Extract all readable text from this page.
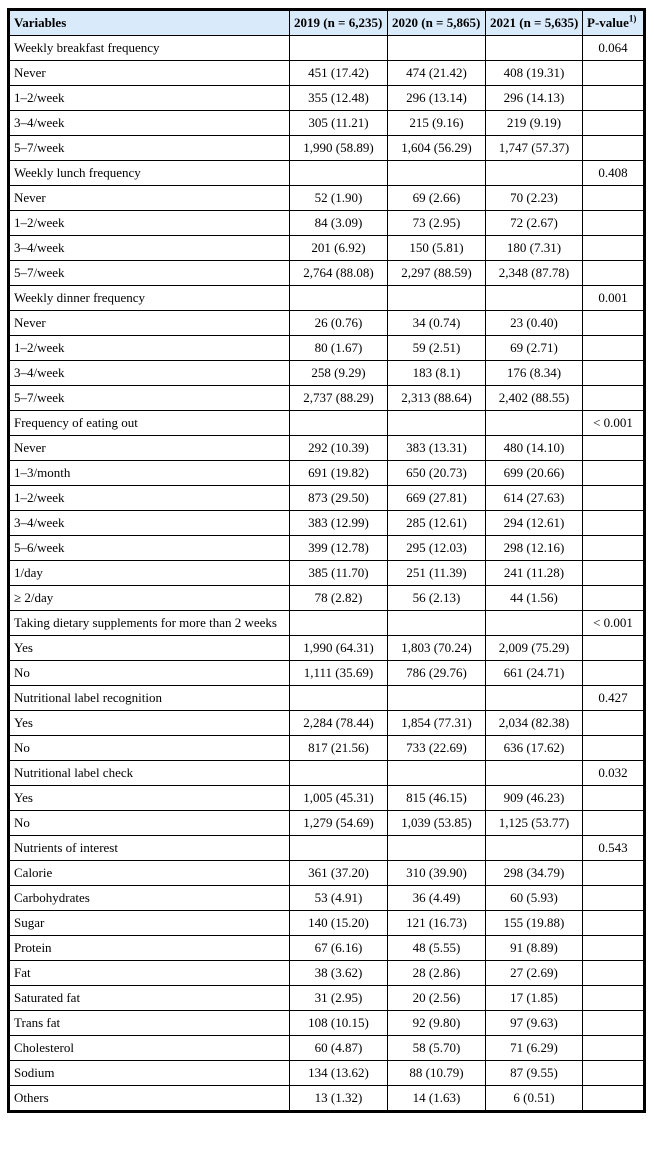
Variables	2019 (n = 6,235)	2020 (n = 5,865)	2021 (n = 5,635)	P-value$^{1)}$
Weekly breakfast frequency				0.064
Never	451 (17.42)	474 (21.42)	408 (19.31)	
1–2/week	355 (12.48)	296 (13.14)	296 (14.13)	
3–4/week	305 (11.21)	215 (9.16)	219 (9.19)	
5–7/week	1,990 (58.89)	1,604 (56.29)	1,747 (57.37)	
Weekly lunch frequency				0.408
Never	52 (1.90)	69 (2.66)	70 (2.23)	
1–2/week	84 (3.09)	73 (2.95)	72 (2.67)	
3–4/week	201 (6.92)	150 (5.81)	180 (7.31)	
5–7/week	2,764 (88.08)	2,297 (88.59)	2,348 (87.78)	
Weekly dinner frequency				0.001
Never	26 (0.76)	34 (0.74)	23 (0.40)	
1–2/week	80 (1.67)	59 (2.51)	69 (2.71)	
3–4/week	258 (9.29)	183 (8.1)	176 (8.34)	
5–7/week	2,737 (88.29)	2,313 (88.64)	2,402 (88.55)	
Frequency of eating out				< 0.001
Never	292 (10.39)	383 (13.31)	480 (14.10)	
1–3/month	691 (19.82)	650 (20.73)	699 (20.66)	
1–2/week	873 (29.50)	669 (27.81)	614 (27.63)	
3–4/week	383 (12.99)	285 (12.61)	294 (12.61)	
5–6/week	399 (12.78)	295 (12.03)	298 (12.16)	
1/day	385 (11.70)	251 (11.39)	241 (11.28)	
≥ 2/day	78 (2.82)	56 (2.13)	44 (1.56)	
Taking dietary supplements for more than 2 weeks				< 0.001
Yes	1,990 (64.31)	1,803 (70.24)	2,009 (75.29)	
No	1,111 (35.69)	786 (29.76)	661 (24.71)	
Nutritional label recognition				0.427
Yes	2,284 (78.44)	1,854 (77.31)	2,034 (82.38)	
No	817 (21.56)	733 (22.69)	636 (17.62)	
Nutritional label check				0.032
Yes	1,005 (45.31)	815 (46.15)	909 (46.23)	
No	1,279 (54.69)	1,039 (53.85)	1,125 (53.77)	
Nutrients of interest				0.543
Calorie	361 (37.20)	310 (39.90)	298 (34.79)	
Carbohydrates	53 (4.91)	36 (4.49)	60 (5.93)	
Sugar	140 (15.20)	121 (16.73)	155 (19.88)	
Protein	67 (6.16)	48 (5.55)	91 (8.89)	
Fat	38 (3.62)	28 (2.86)	27 (2.69)	
Saturated fat	31 (2.95)	20 (2.56)	17 (1.85)	
Trans fat	108 (10.15)	92 (9.80)	97 (9.63)	
Cholesterol	60 (4.87)	58 (5.70)	71 (6.29)	
Sodium	134 (13.62)	88 (10.79)	87 (9.55)	
Others	13 (1.32)	14 (1.63)	6 (0.51)	
